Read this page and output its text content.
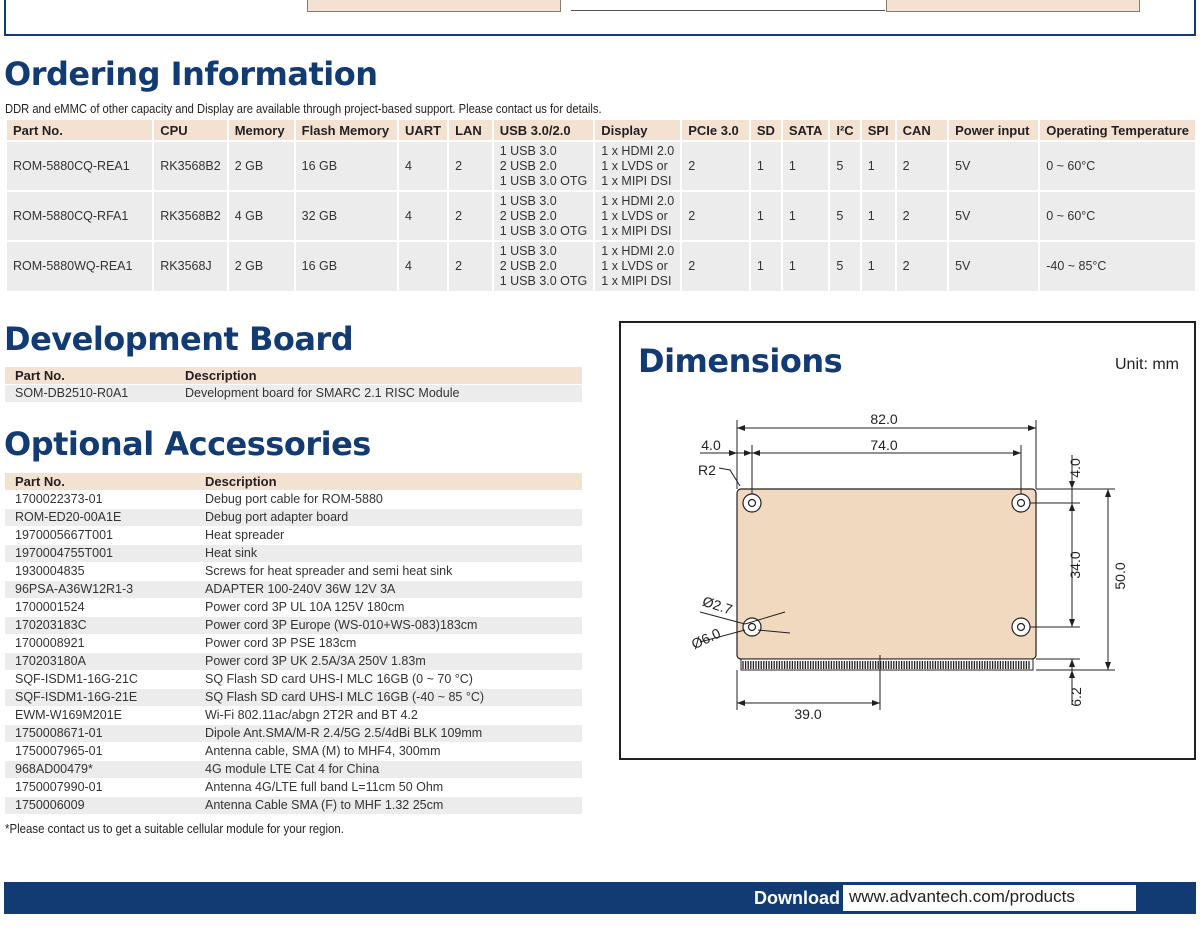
Ordering Information
DDR and eMMC of other capacity and Display are available through project-based support. Please contact us for details.
Part No.	CPU	Memory	Flash Memory	UART	LAN	USB 3.0/2.0	Display	PCIe 3.0	SD	SATA	I²C	SPI	CAN	Power input	Operating Temperature
ROM-5880CQ-REA1	RK3568B2	2 GB	16 GB	4	2	1 USB 3.0
2 USB 2.0
1 USB 3.0 OTG	1 x HDMI 2.0
1 x LVDS or
1 x MIPI DSI	2	1	1	5	1	2	5V	0 ~ 60°C
ROM-5880CQ-RFA1	RK3568B2	4 GB	32 GB	4	2	1 USB 3.0
2 USB 2.0
1 USB 3.0 OTG	1 x HDMI 2.0
1 x LVDS or
1 x MIPI DSI	2	1	1	5	1	2	5V	0 ~ 60°C
ROM-5880WQ-REA1	RK3568J	2 GB	16 GB	4	2	1 USB 3.0
2 USB 2.0
1 USB 3.0 OTG	1 x HDMI 2.0
1 x LVDS or
1 x MIPI DSI	2	1	1	5	1	2	5V	-40 ~ 85°C
Development Board
Part No.	Description
SOM-DB2510-R0A1	Development board for SMARC 2.1 RISC Module
Optional Accessories
Part No.	Description
1700022373-01	Debug port cable for ROM-5880
ROM-ED20-00A1E	Debug port adapter board
1970005667T001	Heat spreader
1970004755T001	Heat sink
1930004835	Screws for heat spreader and semi heat sink
96PSA-A36W12R1-3	ADAPTER 100-240V 36W 12V 3A
1700001524	Power cord 3P UL 10A 125V 180cm
170203183C	Power cord 3P Europe (WS-010+WS-083)183cm
1700008921	Power cord 3P PSE 183cm
170203180A	Power cord 3P UK 2.5A/3A 250V 1.83m
SQF-ISDM1-16G-21C	SQ Flash SD card UHS-I MLC 16GB (0 ~ 70 °C)
SQF-ISDM1-16G-21E	SQ Flash SD card UHS-I MLC 16GB (-40 ~ 85 °C)
EWM-W169M201E	Wi-Fi 802.11ac/abgn 2T2R and BT 4.2
1750008671-01	Dipole Ant.SMA/M-R 2.4/5G 2.5/4dBi BLK 109mm
1750007965-01	Antenna cable, SMA (M) to MHF4, 300mm
968AD00479*	4G module LTE Cat 4 for China
1750007990-01	Antenna 4G/LTE full band L=11cm 50 Ohm
1750006009	Antenna Cable SMA (F) to MHF 1.32 25cm
*Please contact us to get a suitable cellular module for your region.
Dimensions	Unit: mm
82.0
74.0
4.0
R2	4.0
34.0 50.0
Ø2.7
Ø6.0
6.2
39.0
Download www.advantech.com/products
